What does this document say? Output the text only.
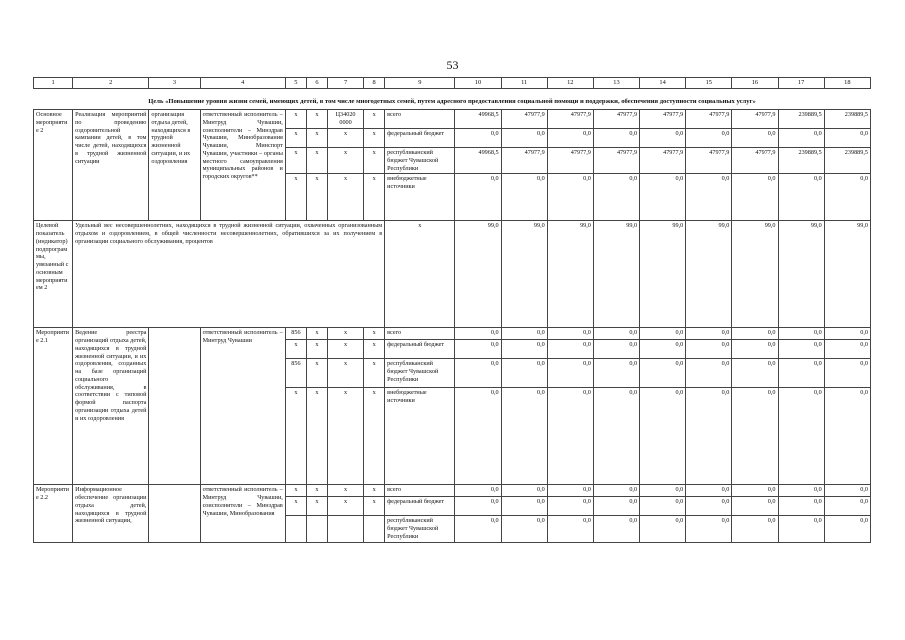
53
1	2	3	4	5	6	7	8	9	10	11	12	13	14	15	16	17	18
Цель «Повышение уровня жизни семей, имеющих детей, в том числе многодетных семей, путем адресного предоставления социальной помощи и поддержки, обеспечения доступности социальных услуг»																	
Основное мероприятие 2	Реализация мероприятий по проведению оздоровительной кампании детей, в том числе детей, находящихся в трудной жизненной ситуации	организация отдыха детей, находящихся в трудной жизненной ситуации, и их оздоровления	ответственный исполнитель – Минтруд Чувашии, соисполнители – Минздрав Чувашии, Минобразования Чувашии, Минспорт Чувашии, участники – органы местного самоуправления муниципальных районов и городских округов**	x	x	Ц34020 0000	x	всего	49968,5	47977,9	47977,9	47977,9	47977,9	47977,9	47977,9	239889,5	239889,5
				x	x	x	x	федеральный бюджет	0,0	0,0	0,0	0,0	0,0	0,0	0,0	0,0	0,0
				x	x	x	x	республиканский бюджет Чувашской Республики	49968,5	47977,9	47977,9	47977,9	47977,9	47977,9	47977,9	239889,5	239889,5
				x	x	x	x	внебюджетные источники	0,0	0,0	0,0	0,0	0,0	0,0	0,0	0,0	0,0
Целевой показатель (индикатор) подпрограммы, увязанный с основным мероприятием 2	Удельный вес несовершеннолетних, находящихся в трудной жизненной ситуации, охваченных организованным отдыхом и оздоровлением, в общей численности несовершеннолетних, обратившихся за их получением в организации социального обслуживания, процентов							x	99,0	99,0	99,0	99,0	99,0	99,0	99,0	99,0	99,0
Мероприятие 2.1	Ведение реестра организаций отдыха детей, находящихся в трудной жизненной ситуации, и их оздоровления, созданных на базе организаций социального обслуживания, в соответствии с типовой формой паспорта организации отдыха детей и их оздоровления		ответственный исполнитель – Минтруд Чувашии	856	x	x	x	всего	0,0	0,0	0,0	0,0	0,0	0,0	0,0	0,0	0,0
				x	x	x	x	федеральный бюджет	0,0	0,0	0,0	0,0	0,0	0,0	0,0	0,0	0,0
				856	x	x	x	республиканский бюджет Чувашской Республики	0,0	0,0	0,0	0,0	0,0	0,0	0,0	0,0	0,0
				x	x	x	x	внебюджетные источники	0,0	0,0	0,0	0,0	0,0	0,0	0,0	0,0	0,0
Мероприятие 2.2	Информационное обеспечение организации отдыха детей, находящихся в трудной жизненной ситуации,		ответственный исполнитель – Минтруд Чувашии, соисполнители – Минздрав Чувашии, Минобразования	x	x	x	x	всего	0,0	0,0	0,0	0,0	0,0	0,0	0,0	0,0	0,0
				x	x	x	x	федеральный бюджет	0,0	0,0	0,0	0,0	0,0	0,0	0,0	0,0	0,0
								республиканский бюджет Чувашской Республики	0,0	0,0	0,0	0,0	0,0	0,0	0,0	0,0	0,0
